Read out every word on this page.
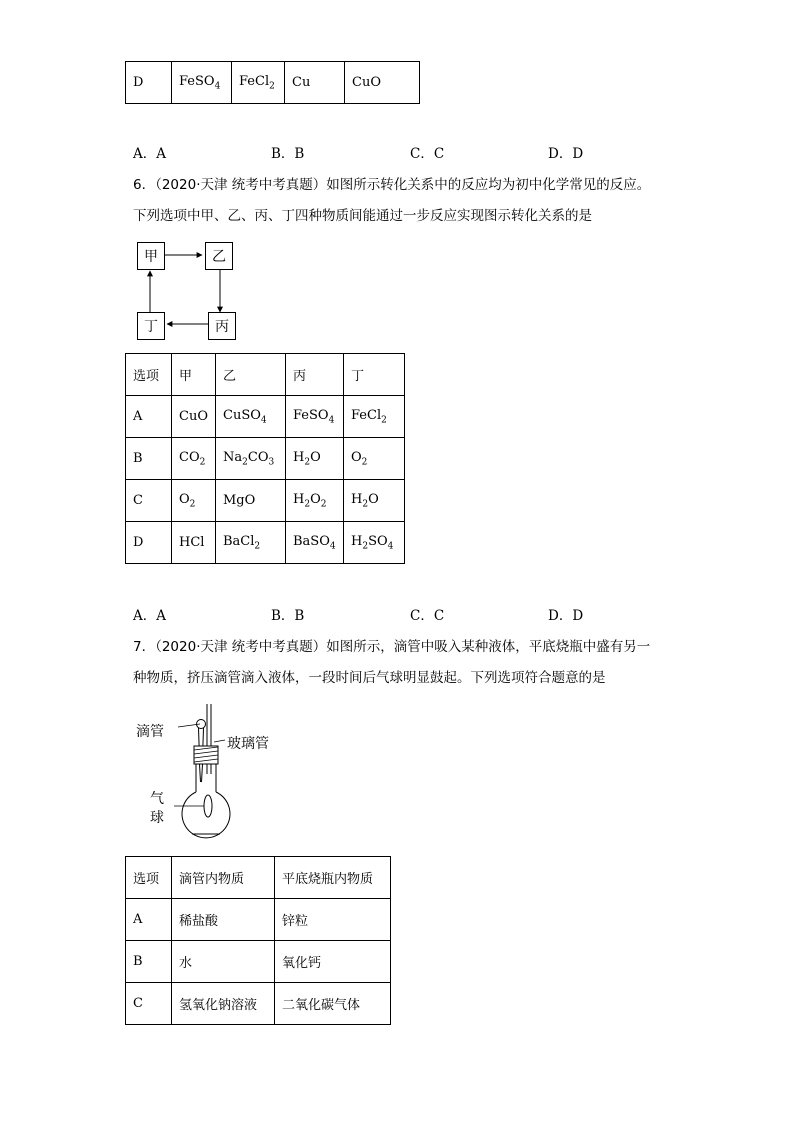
D	FeSO$_4$	FeCl$_2$	Cu	CuO
A．A	B．B	C．C	D．D
6．（2020·天津 统考中考真题）如图所示转化关系中的反应均为初中化学常见的反应。
下列选项中甲、乙、丙、丁四种物质间能通过一步反应实现图示转化关系的是
甲	乙
丙
丁
选项	甲	乙	丙	丁
A	CuO	CuSO$_4$	FeSO$_4$	FeCl$_2$
B	$CO_2$	$Na_2CO_3$	$H_2O$	$O_2$
C	$O_2$	MgO	$H_2O_2$	$H_2O$
D	HCl	BaCl$_2$	BaSO$_4$	$H_2SO_4$
A．A	B．B	C．C	D．D
7．（2020·天津 统考中考真题）如图所示，滴管中吸入某种液体，平底烧瓶中盛有另一
种物质，挤压滴管滴入液体，一段时间后气球明显鼓起。下列选项符合题意的是
滴管
玻璃管
气
球
选项	滴管内物质	平底烧瓶内物质
A	稀盐酸	锌粒
B	水	氧化钙
C	氢氧化钠溶液	二氧化碳气体
